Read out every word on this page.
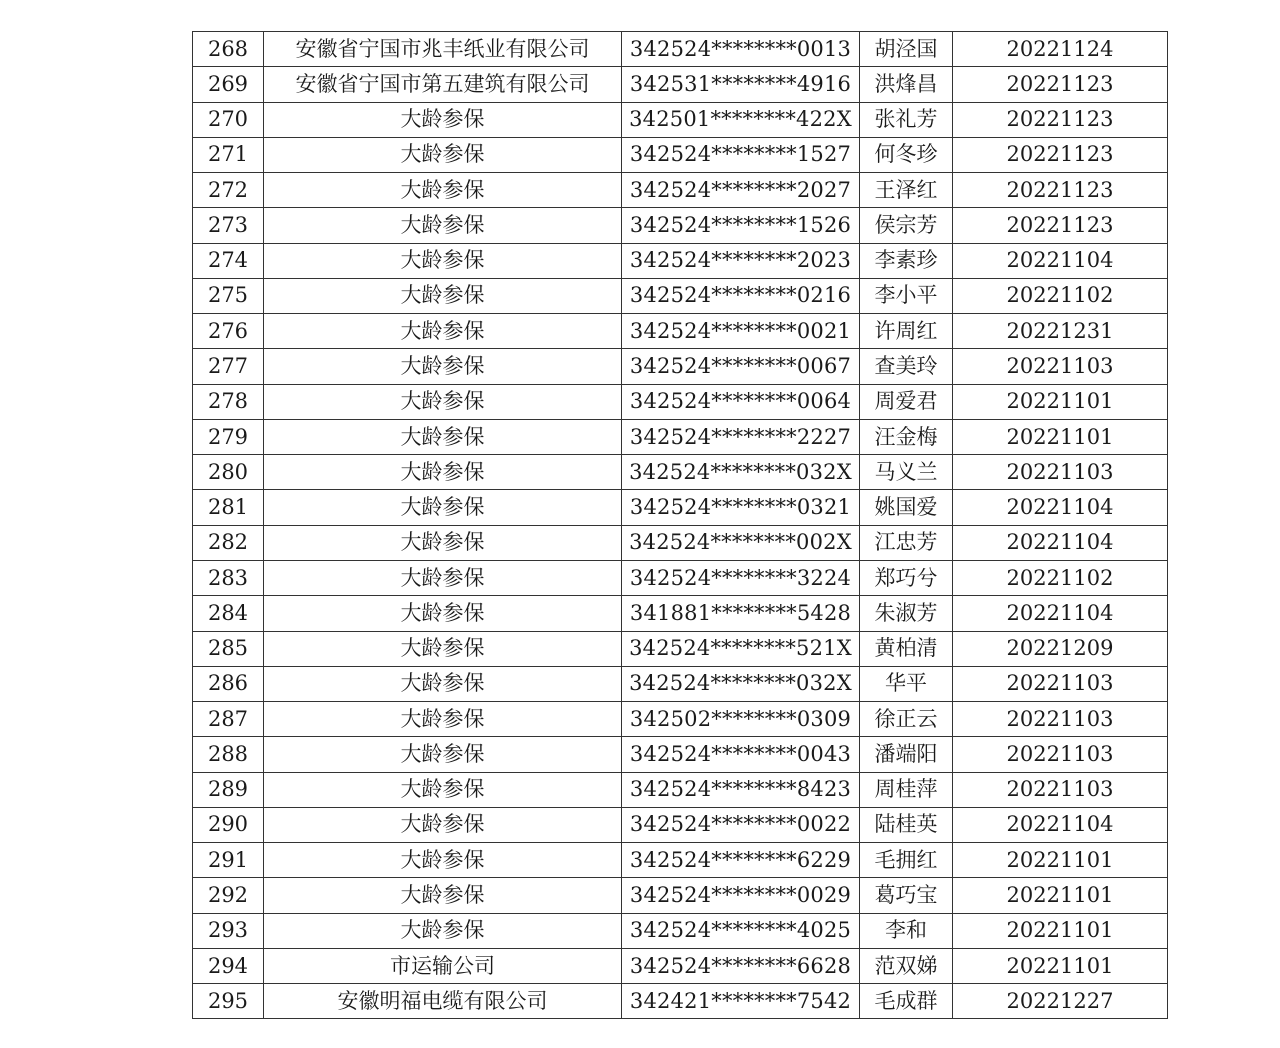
268	安徽省宁国市兆丰纸业有限公司	342524********0013	胡泾国	20221124
269	安徽省宁国市第五建筑有限公司	342531********4916	洪烽昌	20221123
270	大龄参保	342501********422X	张礼芳	20221123
271	大龄参保	342524********1527	何冬珍	20221123
272	大龄参保	342524********2027	王泽红	20221123
273	大龄参保	342524********1526	侯宗芳	20221123
274	大龄参保	342524********2023	李素珍	20221104
275	大龄参保	342524********0216	李小平	20221102
276	大龄参保	342524********0021	许周红	20221231
277	大龄参保	342524********0067	查美玲	20221103
278	大龄参保	342524********0064	周爱君	20221101
279	大龄参保	342524********2227	汪金梅	20221101
280	大龄参保	342524********032X	马义兰	20221103
281	大龄参保	342524********0321	姚国爱	20221104
282	大龄参保	342524********002X	江忠芳	20221104
283	大龄参保	342524********3224	郑巧兮	20221102
284	大龄参保	341881********5428	朱淑芳	20221104
285	大龄参保	342524********521X	黄柏清	20221209
286	大龄参保	342524********032X	华平	20221103
287	大龄参保	342502********0309	徐正云	20221103
288	大龄参保	342524********0043	潘端阳	20221103
289	大龄参保	342524********8423	周桂萍	20221103
290	大龄参保	342524********0022	陆桂英	20221104
291	大龄参保	342524********6229	毛拥红	20221101
292	大龄参保	342524********0029	葛巧宝	20221101
293	大龄参保	342524********4025	李和	20221101
294	市运输公司	342524********6628	范双娣	20221101
295	安徽明福电缆有限公司	342421********7542	毛成群	20221227
